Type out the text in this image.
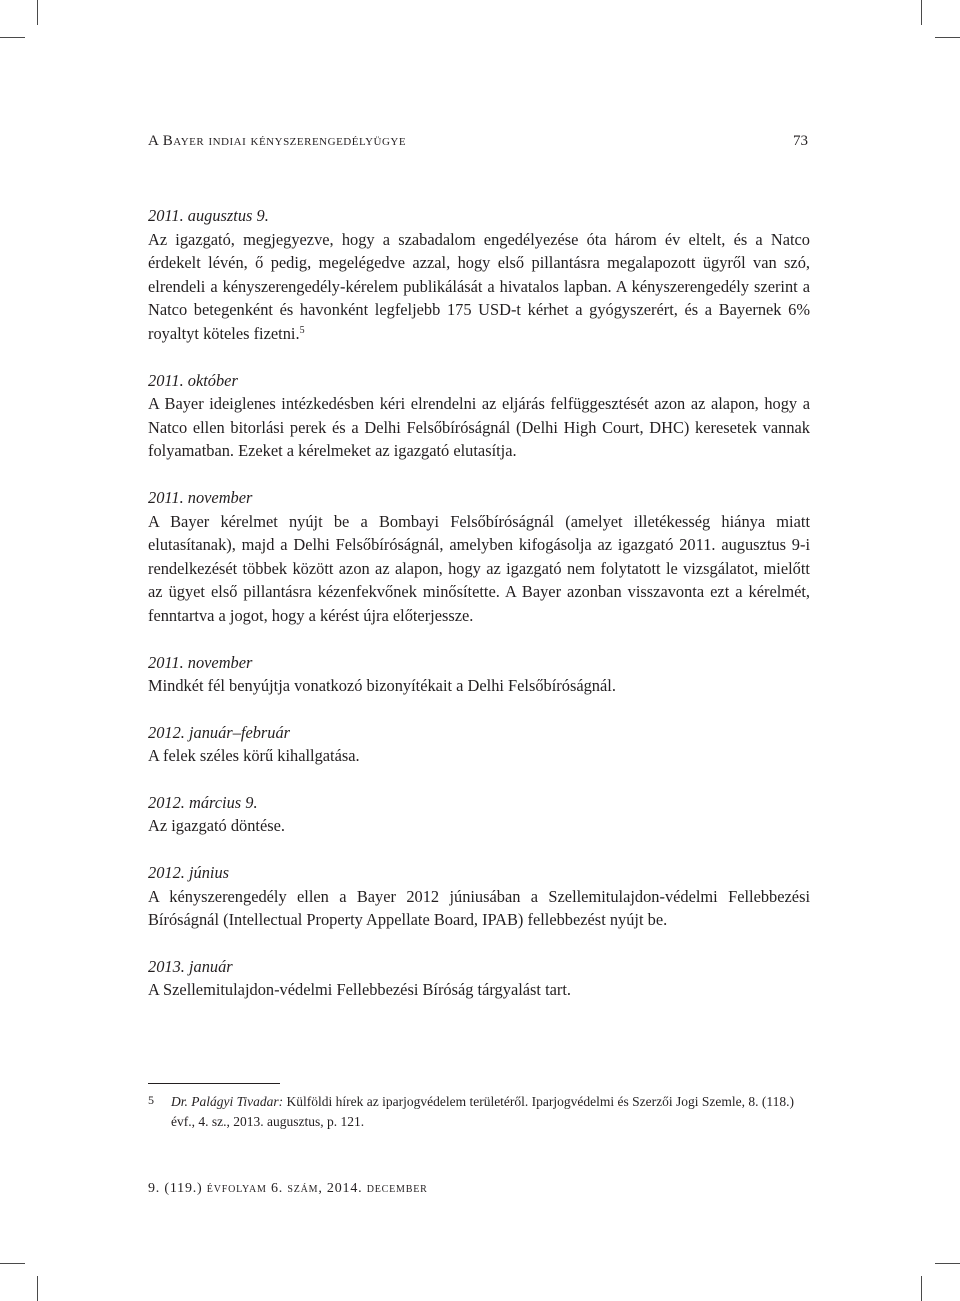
A Bayer indiai kényszerengedélyügye	73
2011. augusztus 9.
Az igazgató, megjegyezve, hogy a szabadalom engedélyezése óta három év eltelt, és a Natco érdekelt lévén, ő pedig, megelégedve azzal, hogy első pillantásra megalapozott ügyről van szó, elrendeli a kényszerengedély-kérelem publikálását a hivatalos lapban. A kényszerengedély szerint a Natco betegenként és havonként legfeljebb 175 USD-t kérhet a gyógyszerért, és a Bayernek 6% royaltyt köteles fizetni.$^5$
2011. október
A Bayer ideiglenes intézkedésben kéri elrendelni az eljárás felfüggesztését azon az alapon, hogy a Natco ellen bitorlási perek és a Delhi Felsőbíróságnál (Delhi High Court, DHC) keresetek vannak folyamatban. Ezeket a kérelmeket az igazgató elutasítja.
2011. november
A Bayer kérelmet nyújt be a Bombayi Felsőbíróságnál (amelyet illetékesség hiánya miatt elutasítanak), majd a Delhi Felsőbíróságnál, amelyben kifogásolja az igazgató 2011. augusztus 9-i rendelkezését többek között azon az alapon, hogy az igazgató nem folytatott le vizsgálatot, mielőtt az ügyet első pillantásra kézenfekvőnek minősítette. A Bayer azonban visszavonta ezt a kérelmét, fenntartva a jogot, hogy a kérést újra előterjessze.
2011. november
Mindkét fél benyújtja vonatkozó bizonyítékait a Delhi Felsőbíróságnál.
2012. január–február
A felek széles körű kihallgatása.
2012. március 9.
Az igazgató döntése.
2012. június
A kényszerengedély ellen a Bayer 2012 júniusában a Szellemitulajdon-védelmi Fellebbezési Bíróságnál (Intellectual Property Appellate Board, IPAB) fellebbezést nyújt be.
2013. január
A Szellemitulajdon-védelmi Fellebbezési Bíróság tárgyalást tart.
5 Dr. Palágyi Tivadar: Külföldi hírek az iparjogvédelem területéről. Iparjogvédelmi és Szerzői Jogi Szemle, 8. (118.) évf., 4. sz., 2013. augusztus, p. 121.
9. (119.) évfolyam 6. szám, 2014. december
